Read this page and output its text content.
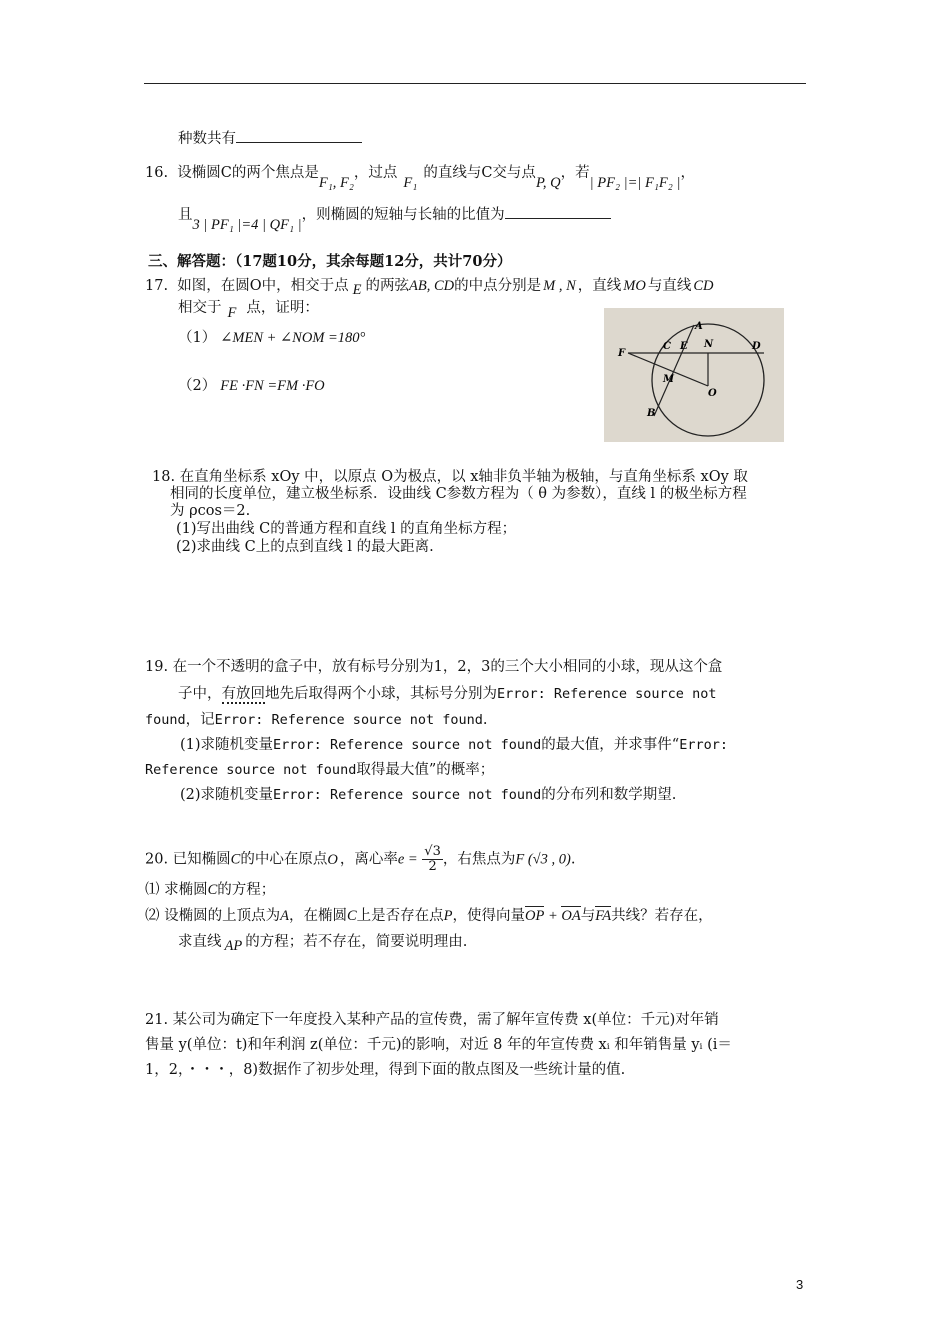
种数共有
16. 设椭圆C的两个焦点是F₁, F₂，过点F₁的直线与C交与点P, Q，若| PF₂ |=| F₁F₂ |，
且3 | PF₁ |=4 | QF₁ |，则椭圆的短轴与长轴的比值为
三、解答题：（17题10分，其余每题12分，共计70分）
17. 如图，在圆O中，相交于点 E 的两弦AB, CD的中点分别是 M , N ，直线 MO 与直线 CD
相交于 F 点，证明：
（1） ∠MEN + ∠NOM =180°
（2） FE ·FN =FM ·FO
A
C E N	D
F
M
O
B
18. 在直角坐标系 xOy 中，以原点 O为极点，以 x轴非负半轴为极轴，与直角坐标系 xOy 取
相同的长度单位，建立极坐标系．设曲线 C参数方程为（ θ 为参数），直线 l 的极坐标方程
为 ρcos＝2.
(1)写出曲线 C的普通方程和直线 l 的直角坐标方程；
(2)求曲线 C上的点到直线 l 的最大距离.
19. 在一个不透明的盒子中，放有标号分别为1，2，3的三个大小相同的小球，现从这个盒
子中，有放回地先后取得两个小球，其标号分别为Error: Reference source not
found，记Error: Reference source not found.
(1)求随机变量Error: Reference source not found的最大值，并求事件“Error:
Reference source not found取得最大值”的概率；
(2)求随机变量Error: Reference source not found的分布列和数学期望.
20. 已知椭圆C的中心在原点O ，离心率$e = \frac{√3}{2}$ ，右焦点为F (√3 , 0).
⑴ 求椭圆C的方程；
⑵ 设椭圆的上顶点为A，在椭圆C上是否存在点P，使得向量OP + OA与FA共线？若存在，
求直线 AP 的方程；若不存在，简要说明理由.
21. 某公司为确定下一年度投入某种产品的宣传费，需了解年宣传费 x(单位：千元)对年销
售量 y(单位：t)和年利润 z(单位：千元)的影响，对近 8 年的年宣传费 xᵢ 和年销售量 yᵢ (i＝
1，2，・・・，8)数据作了初步处理，得到下面的散点图及一些统计量的值.
3
